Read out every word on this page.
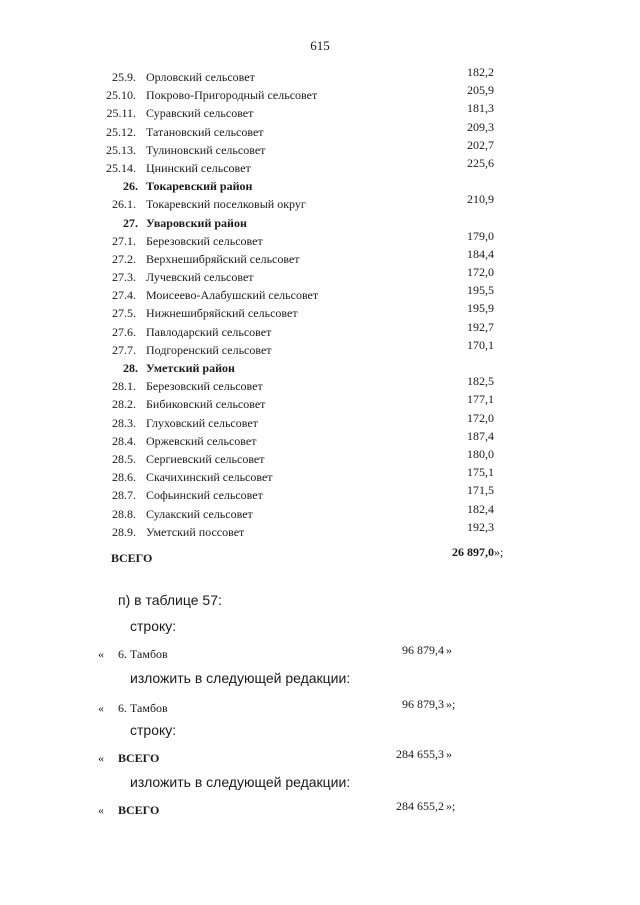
615
25.9. Орловский сельсовет	182,2
25.10. Покрово-Пригородный сельсовет	205,9
25.11. Суравский сельсовет	181,3
25.12. Татановский сельсовет	209,3
25.13. Тулиновский сельсовет	202,7
25.14. Цнинский сельсовет	225,6
26. Токаревский район
26.1. Токаревский поселковый округ	210,9
27. Уваровский район
27.1. Березовский сельсовет	179,0
27.2. Верхнешибряйский сельсовет	184,4
27.3. Лучевский сельсовет	172,0
27.4. Моисеево-Алабушский сельсовет	195,5
27.5. Нижнешибряйский сельсовет	195,9
27.6. Павлодарский сельсовет	192,7
27.7. Подгоренский сельсовет	170,1
28. Уметский район
28.1. Березовский сельсовет	182,5
28.2. Бибиковский сельсовет	177,1
28.3. Глуховский сельсовет	172,0
28.4. Оржевский сельсовет	187,4
28.5. Сергиевский сельсовет	180,0
28.6. Скачихинский сельсовет	175,1
28.7. Софьинский сельсовет	171,5
28.8. Сулакский сельсовет	182,4
28.9. Уметский поссовет	192,3
ВСЕГО	26 897,0 »;
п) в таблице 57:
строку:
« 6. Тамбов	96 879,4 »
изложить в следующей редакции:
« 6. Тамбов	96 879,3 »;
строку:
« ВСЕГО	284 655,3 »
изложить в следующей редакции:
« ВСЕГО	284 655,2 »;
